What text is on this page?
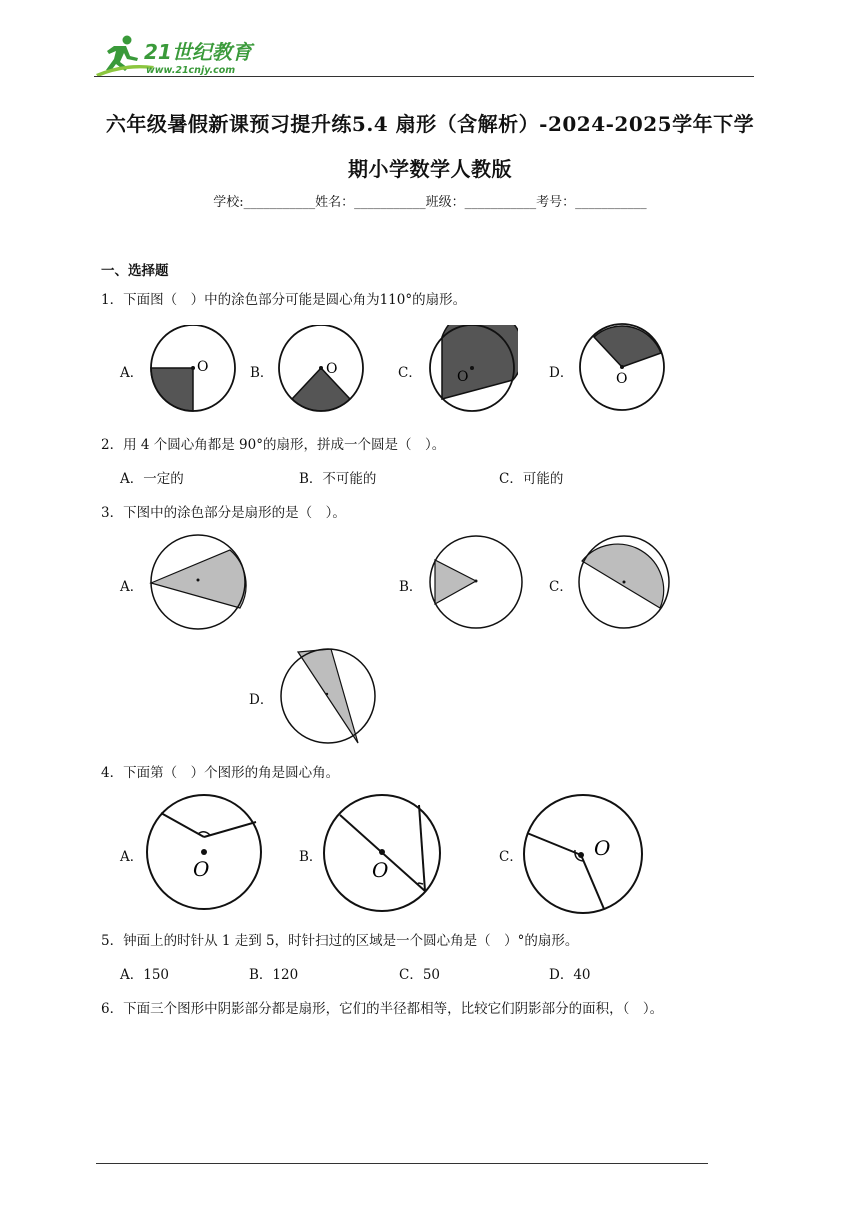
21世纪教育
www.21cnjy.com
六年级暑假新课预习提升练5.4 扇形（含解析）-2024-2025学年下学
期小学数学人教版
学校:___________姓名：___________班级：___________考号：___________
一、选择题
1．下面图（　）中的涂色部分可能是圆心角为110°的扇形。
A．	B．	C．	D．
O	O	O	O
2．用 4 个圆心角都是 90°的扇形，拼成一个圆是（　）。
A．一定的	B．不可能的	C．可能的
3．下图中的涂色部分是扇形的是（　）。
A．	B．	C．
D．
4．下面第（　）个图形的角是圆心角。
A．	B．	C．
O	O
O
5．钟面上的时针从 1 走到 5，时针扫过的区域是一个圆心角是（　）°的扇形。
A．150	B．120	C．50	D．40
6．下面三个图形中阴影部分都是扇形，它们的半径都相等，比较它们阴影部分的面积，（　）。
